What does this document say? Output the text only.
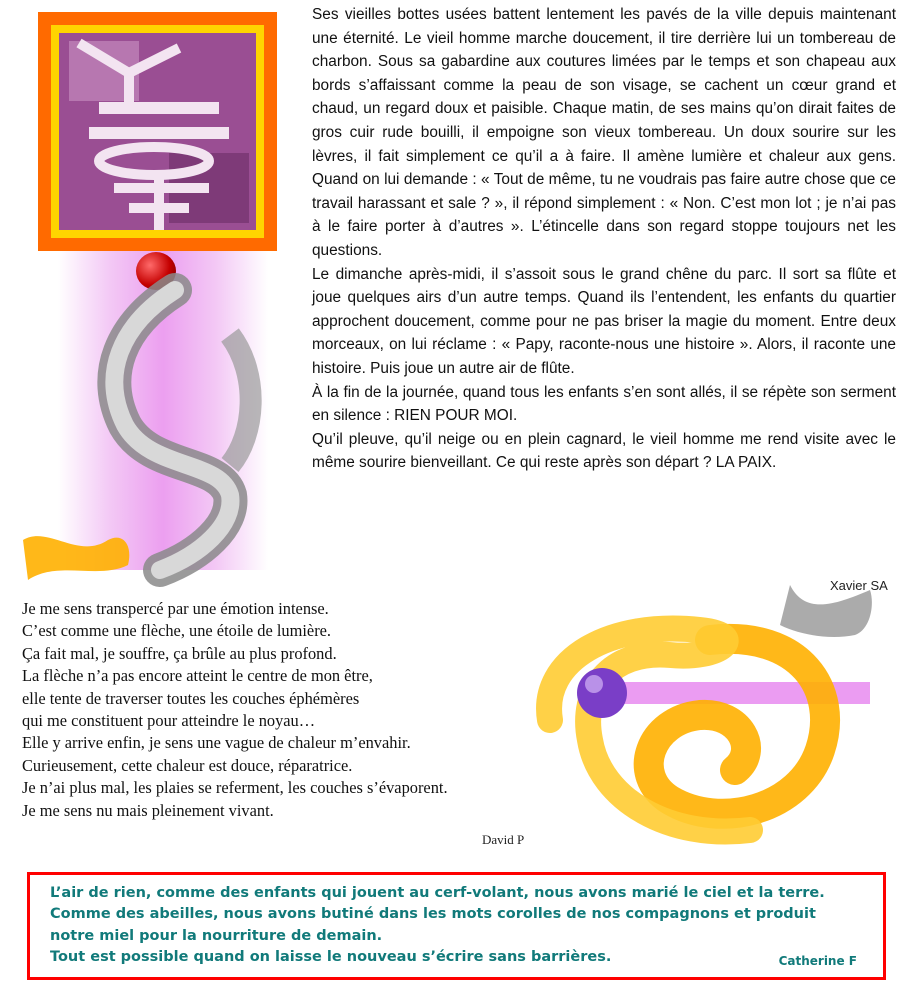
Ses vieilles bottes usées battent lentement les pavés de la ville depuis maintenant une éternité. Le vieil homme marche doucement, il tire derrière lui un tombereau de charbon. Sous sa gabardine aux coutures limées par le temps et son chapeau aux bords s’affaissant comme la peau de son visage, se cachent un cœur grand et chaud, un regard doux et paisible. Chaque matin, de ses mains qu’on dirait faites de gros cuir rude bouilli, il empoigne son vieux tombereau. Un doux sourire sur les lèvres, il fait simplement ce qu’il a à faire. Il amène lumière et chaleur aux gens. Quand on lui demande : « Tout de même, tu ne voudrais pas faire autre chose que ce travail harassant et sale ? », il répond simplement : « Non. C’est mon lot ; je n’ai pas à le faire porter à d’autres ». L’étincelle dans son regard stoppe toujours net les questions.

Le dimanche après-midi, il s’assoit sous le grand chêne du parc. Il sort sa flûte et joue quelques airs d’un autre temps. Quand ils l’entendent, les enfants du quartier approchent doucement, comme pour ne pas briser la magie du moment. Entre deux morceaux, on lui réclame : « Papy, raconte-nous une histoire ». Alors, il raconte une histoire. Puis joue un autre air de flûte.

À la fin de la journée, quand tous les enfants s’en sont allés, il se répète son serment en silence : RIEN POUR MOI.

Qu’il pleuve, qu’il neige ou en plein cagnard, le vieil homme me rend visite avec le même sourire bienveillant. Ce qui reste après son départ ? LA PAIX.

Xavier SA
Je me sens transpercé par une émotion intense.
C’est comme une flèche, une étoile de lumière.
Ça fait mal, je souffre, ça brûle au plus profond.
La flèche n’a pas encore atteint le centre de mon être,
elle tente de traverser toutes les couches éphémères
qui me constituent pour atteindre le noyau…
Elle y arrive enfin, je sens une vague de chaleur m’envahir.
Curieusement, cette chaleur est douce, réparatrice.
Je n’ai plus mal, les plaies se referment, les couches s’évaporent.
Je me sens nu mais pleinement vivant.
David P
L’air de rien, comme des enfants qui jouent au cerf-volant, nous avons marié le ciel et la terre.
Comme des abeilles, nous avons butiné dans les mots corolles de nos compagnons et produit
notre miel pour la nourriture de demain.
Tout est possible quand on laisse le nouveau s’écrire sans barrières.	Catherine F
